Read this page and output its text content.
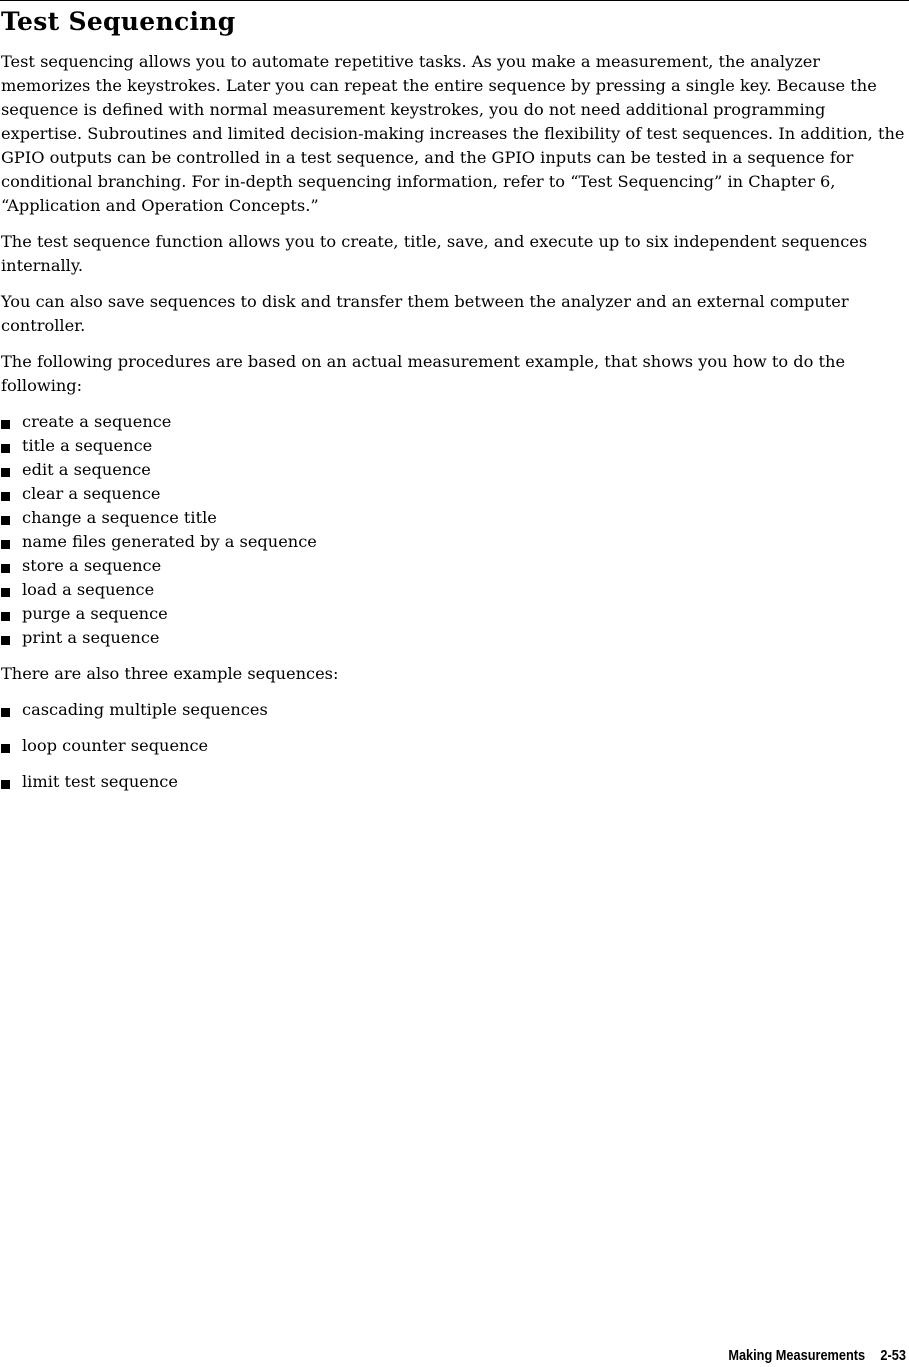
Test Sequencing

Test sequencing allows you to automate repetitive tasks. As you make a measurement, the analyzer memorizes the keystrokes. Later you can repeat the entire sequence by pressing a single key. Because the sequence is defined with normal measurement keystrokes, you do not need additional programming expertise. Subroutines and limited decision-making increases the flexibility of test sequences. In addition, the GPIO outputs can be controlled in a test sequence, and the GPIO inputs can be tested in a sequence for conditional branching. For in-depth sequencing information, refer to “Test Sequencing” in Chapter 6, “Application and Operation Concepts.”

The test sequence function allows you to create, title, save, and execute up to six independent sequences internally.

You can also save sequences to disk and transfer them between the analyzer and an external computer controller.

The following procedures are based on an actual measurement example, that shows you how to do the following:

create a sequence
title a sequence
edit a sequence
clear a sequence
change a sequence title
name files generated by a sequence
store a sequence
load a sequence
purge a sequence
print a sequence

There are also three example sequences:

cascading multiple sequences
loop counter sequence
limit test sequence
Making Measurements 2-53
